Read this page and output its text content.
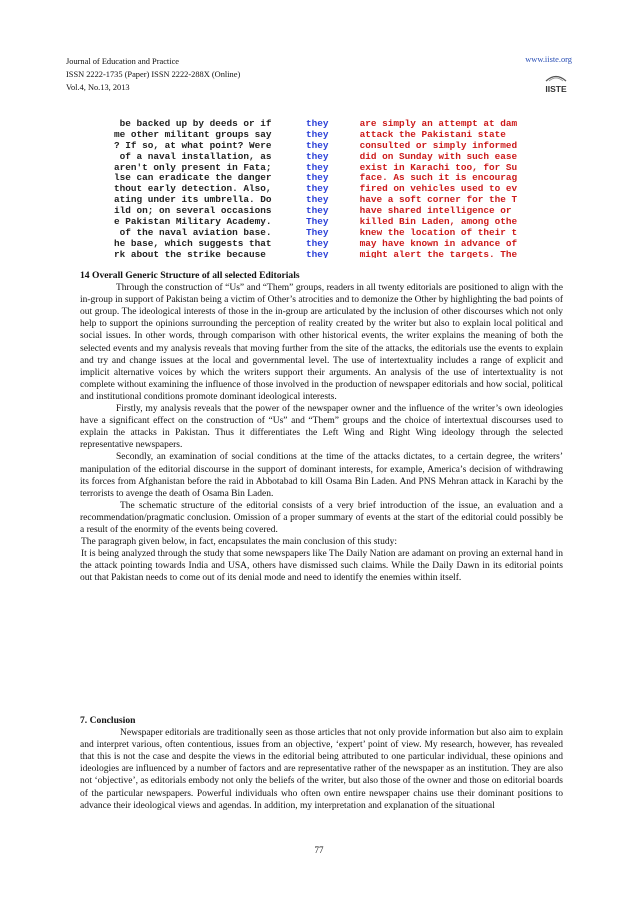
Journal of Education and Practice
ISSN 2222-1735 (Paper) ISSN 2222-288X (Online)
Vol.4, No.13, 2013
www.iiste.org
IISTE
be backed up by deeds or if	they	are simply an attempt at dam
me other militant groups say	they	attack the Pakistani state
? If so, at what point? Were	they	consulted or simply informed
of a naval installation, as	they	did on Sunday with such ease
aren't only present in Fata;	they	exist in Karachi too, for Su
lse can eradicate the danger	they	face. As such it is encourag
thout early detection. Also,	they	fired on vehicles used to ev
ating under its umbrella. Do	they	have a soft corner for the T
ild on; on several occasions	they	have shared intelligence or
e Pakistan Military Academy.	They	killed Bin Laden, among othe
of the naval aviation base.	They	knew the location of their t
he base, which suggests that	they	may have known in advance of
rk about the strike because	they	might alert the targets. The

14 Overall Generic Structure of all selected Editorials

Through the construction of “Us” and “Them” groups, readers in all twenty editorials are positioned to align with the in-group in support of Pakistan being a victim of Other’s atrocities and to demonize the Other by highlighting the bad points of out group. The ideological interests of those in the in-group are articulated by the inclusion of other discourses which not only help to support the opinions surrounding the perception of reality created by the writer but also to explain local political and social issues. In other words, through comparison with other historical events, the writer explains the meaning of both the selected events and my analysis reveals that moving further from the site of the attacks, the editorials use the events to explain and try and change issues at the local and governmental level. The use of intertextuality includes a range of explicit and implicit alternative voices by which the writers support their arguments. An analysis of the use of intertextuality is not complete without examining the influence of those involved in the production of newspaper editorials and how social, political and institutional conditions promote dominant ideological interests.

Firstly, my analysis reveals that the power of the newspaper owner and the influence of the writer’s own ideologies have a significant effect on the construction of “Us” and “Them” groups and the choice of intertextual discourses used to explain the attacks in Pakistan. Thus it differentiates the Left Wing and Right Wing ideology through the selected representative newspapers.

Secondly, an examination of social conditions at the time of the attacks dictates, to a certain degree, the writers’ manipulation of the editorial discourse in the support of dominant interests, for example, America’s decision of withdrawing its forces from Afghanistan before the raid in Abbotabad to kill Osama Bin Laden. And PNS Mehran attack in Karachi by the terrorists to avenge the death of Osama Bin Laden.

The schematic structure of the editorial consists of a very brief introduction of the issue, an evaluation and a recommendation/pragmatic conclusion. Omission of a proper summary of events at the start of the editorial could possibly be a result of the enormity of the events being covered.

The paragraph given below, in fact, encapsulates the main conclusion of this study:

It is being analyzed through the study that some newspapers like The Daily Nation are adamant on proving an external hand in the attack pointing towards India and USA, others have dismissed such claims. While the Daily Dawn in its editorial points out that Pakistan needs to come out of its denial mode and need to identify the enemies within itself.

7. Conclusion

Newspaper editorials are traditionally seen as those articles that not only provide information but also aim to explain and interpret various, often contentious, issues from an objective, ‘expert’ point of view. My research, however, has revealed that this is not the case and despite the views in the editorial being attributed to one particular individual, these opinions and ideologies are influenced by a number of factors and are representative rather of the newspaper as an institution. They are also not ‘objective’, as editorials embody not only the beliefs of the writer, but also those of the owner and those on editorial boards of the particular newspapers. Powerful individuals who often own entire newspaper chains use their dominant positions to advance their ideological views and agendas. In addition, my interpretation and explanation of the situational

77
